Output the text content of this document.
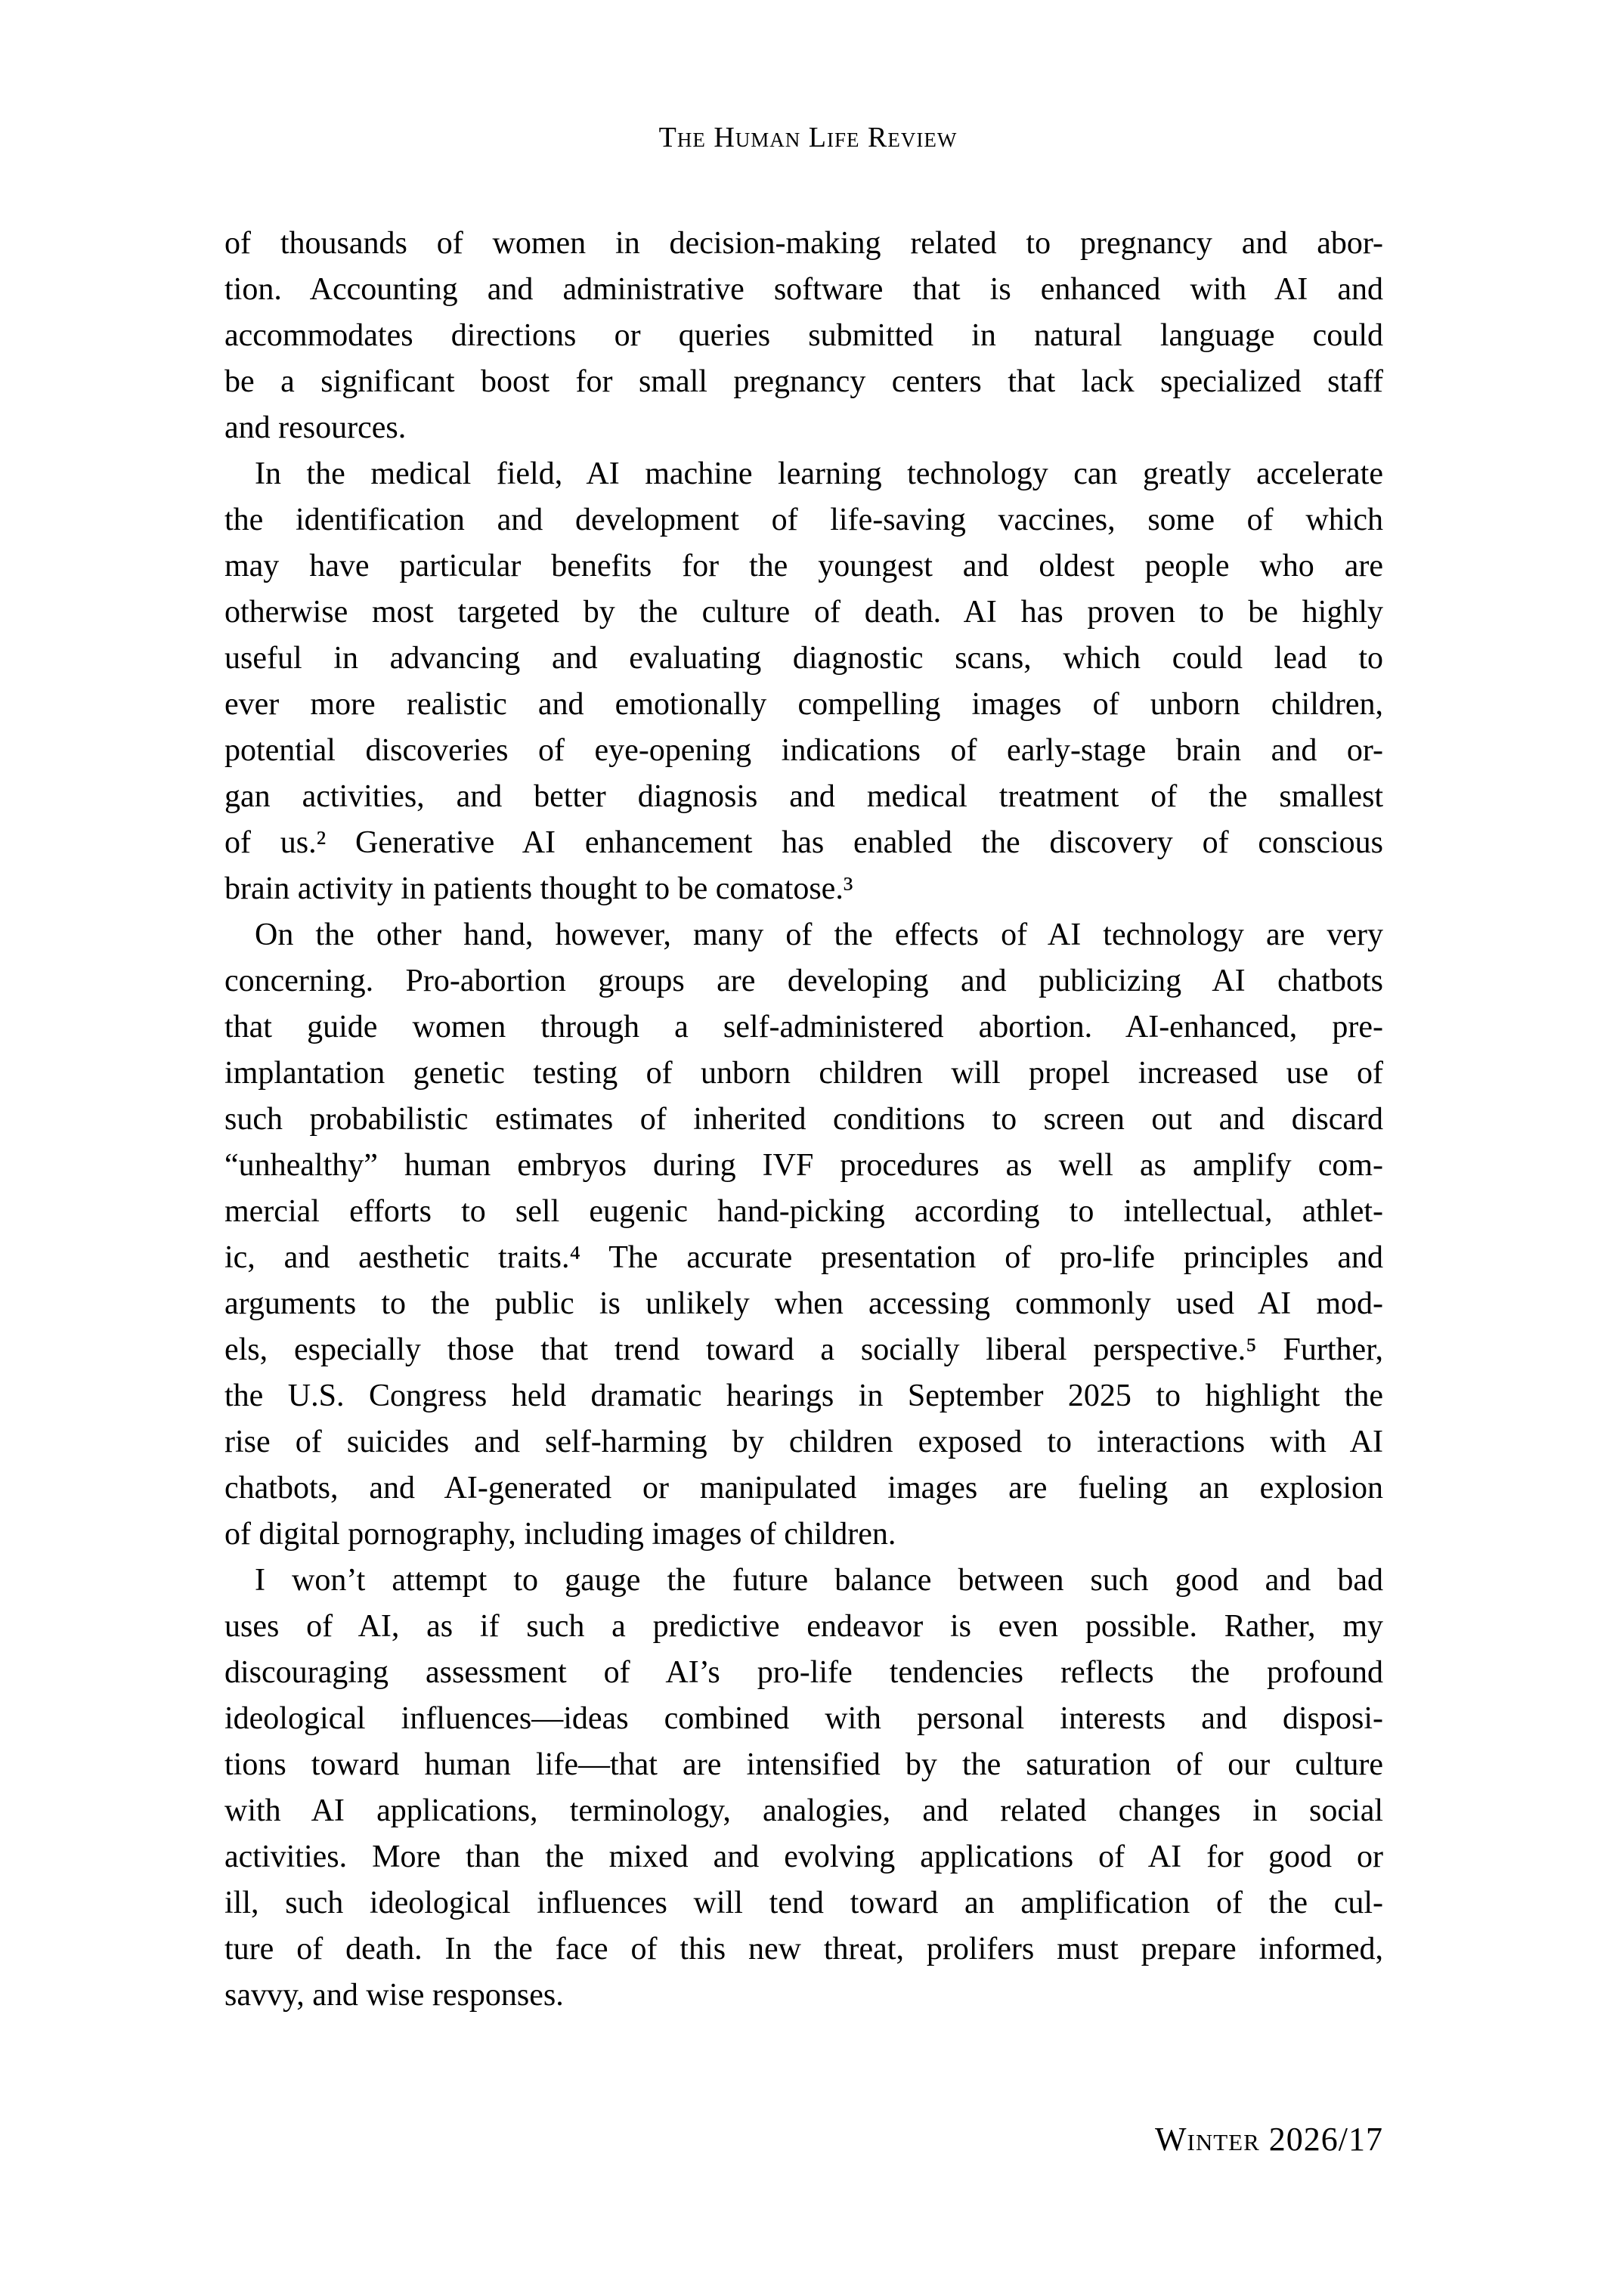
The Human Life Review
of thousands of women in decision-making related to pregnancy and abor-
tion. Accounting and administrative software that is enhanced with AI and
accommodates directions or queries submitted in natural language could
be a significant boost for small pregnancy centers that lack specialized staff
and resources.
In the medical field, AI machine learning technology can greatly accelerate
the identification and development of life-saving vaccines, some of which
may have particular benefits for the youngest and oldest people who are
otherwise most targeted by the culture of death. AI has proven to be highly
useful in advancing and evaluating diagnostic scans, which could lead to
ever more realistic and emotionally compelling images of unborn children,
potential discoveries of eye-opening indications of early-stage brain and or-
gan activities, and better diagnosis and medical treatment of the smallest
of us.² Generative AI enhancement has enabled the discovery of conscious
brain activity in patients thought to be comatose.³
On the other hand, however, many of the effects of AI technology are very
concerning. Pro-abortion groups are developing and publicizing AI chatbots
that guide women through a self-administered abortion. AI-enhanced, pre-
implantation genetic testing of unborn children will propel increased use of
such probabilistic estimates of inherited conditions to screen out and discard
“unhealthy” human embryos during IVF procedures as well as amplify com-
mercial efforts to sell eugenic hand-picking according to intellectual, athlet-
ic, and aesthetic traits.⁴ The accurate presentation of pro-life principles and
arguments to the public is unlikely when accessing commonly used AI mod-
els, especially those that trend toward a socially liberal perspective.⁵ Further,
the U.S. Congress held dramatic hearings in September 2025 to highlight the
rise of suicides and self-harming by children exposed to interactions with AI
chatbots, and AI-generated or manipulated images are fueling an explosion
of digital pornography, including images of children.
I won’t attempt to gauge the future balance between such good and bad
uses of AI, as if such a predictive endeavor is even possible. Rather, my
discouraging assessment of AI’s pro-life tendencies reflects the profound
ideological influences—ideas combined with personal interests and disposi-
tions toward human life—that are intensified by the saturation of our culture
with AI applications, terminology, analogies, and related changes in social
activities. More than the mixed and evolving applications of AI for good or
ill, such ideological influences will tend toward an amplification of the cul-
ture of death. In the face of this new threat, prolifers must prepare informed,
savvy, and wise responses.
Winter 2026/17
